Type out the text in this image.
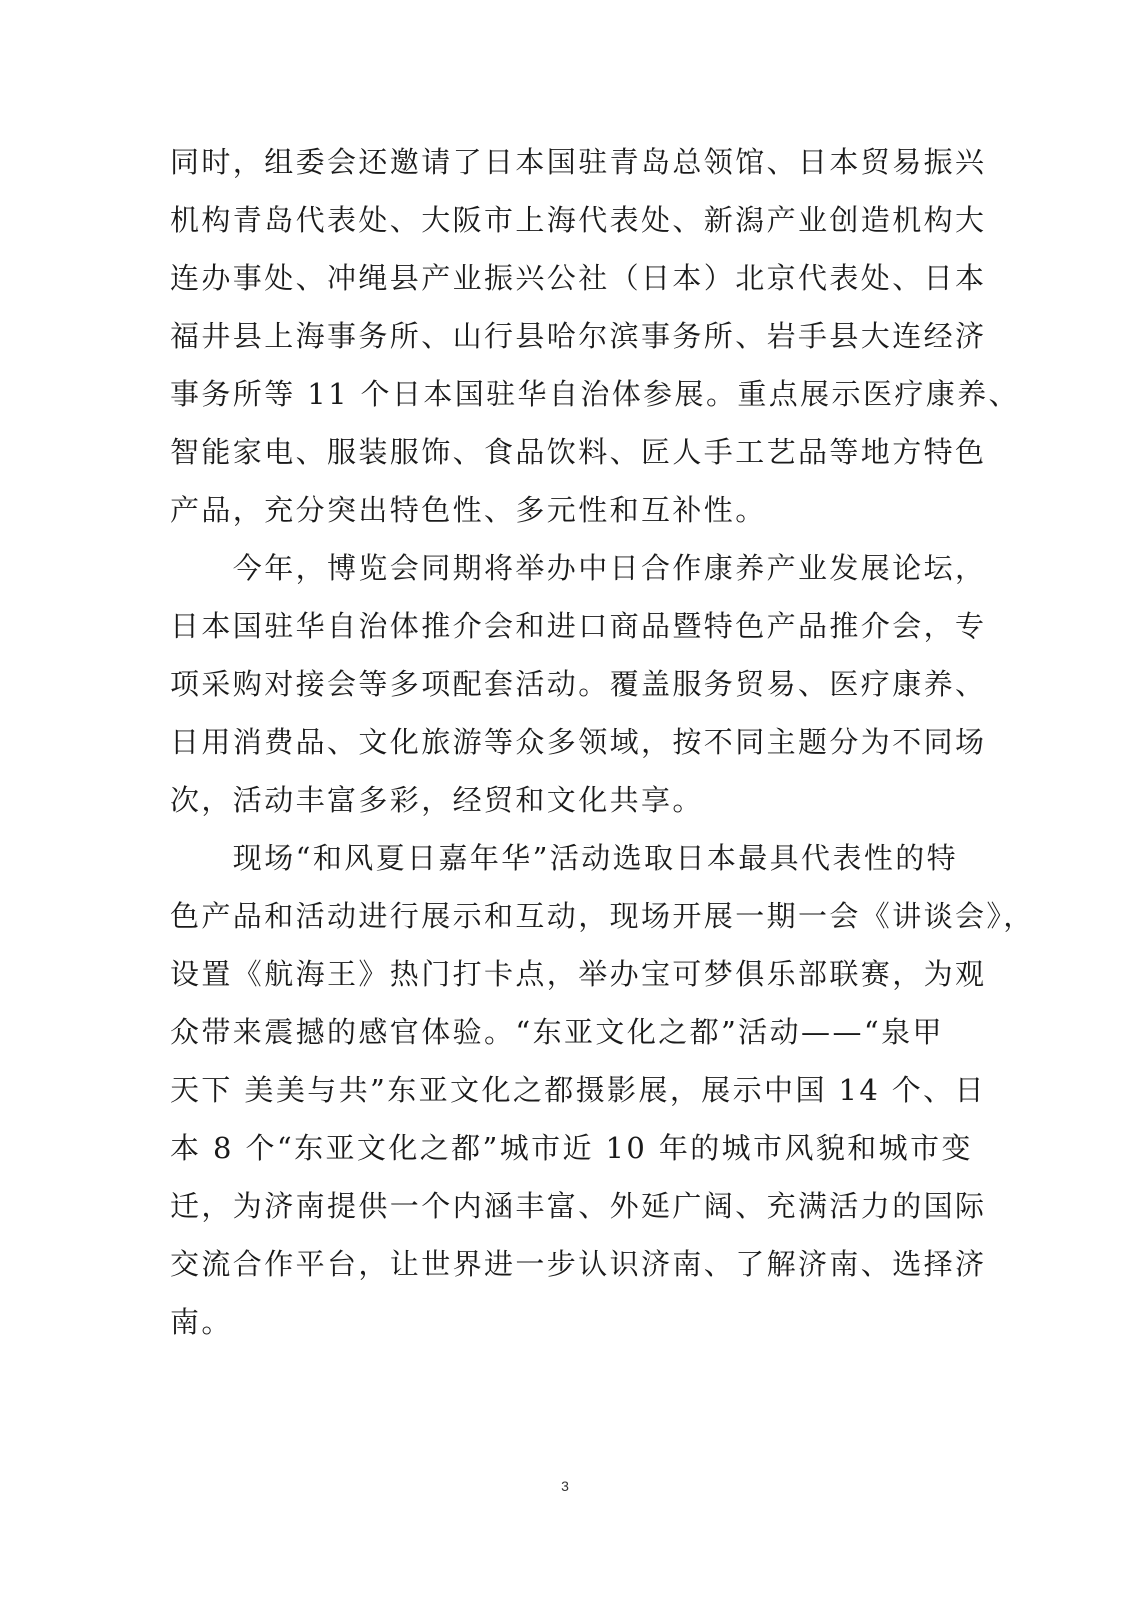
同时，组委会还邀请了日本国驻青岛总领馆、日本贸易振兴
机构青岛代表处、大阪市上海代表处、新潟产业创造机构大
连办事处、冲绳县产业振兴公社（日本）北京代表处、日本
福井县上海事务所、山行县哈尔滨事务所、岩手县大连经济
事务所等 11 个日本国驻华自治体参展。重点展示医疗康养、
智能家电、服装服饰、食品饮料、匠人手工艺品等地方特色
产品，充分突出特色性、多元性和互补性。
　　今年，博览会同期将举办中日合作康养产业发展论坛，
日本国驻华自治体推介会和进口商品暨特色产品推介会，专
项采购对接会等多项配套活动。覆盖服务贸易、医疗康养、
日用消费品、文化旅游等众多领域，按不同主题分为不同场
次，活动丰富多彩，经贸和文化共享。
　　现场“和风夏日嘉年华”活动选取日本最具代表性的特
色产品和活动进行展示和互动，现场开展一期一会《讲谈会》，
设置《航海王》热门打卡点，举办宝可梦俱乐部联赛，为观
众带来震撼的感官体验。“东亚文化之都”活动——“泉甲
天下 美美与共”东亚文化之都摄影展，展示中国 14 个、日
本 8 个“东亚文化之都”城市近 10 年的城市风貌和城市变
迁，为济南提供一个内涵丰富、外延广阔、充满活力的国际
交流合作平台，让世界进一步认识济南、了解济南、选择济
南。
3
